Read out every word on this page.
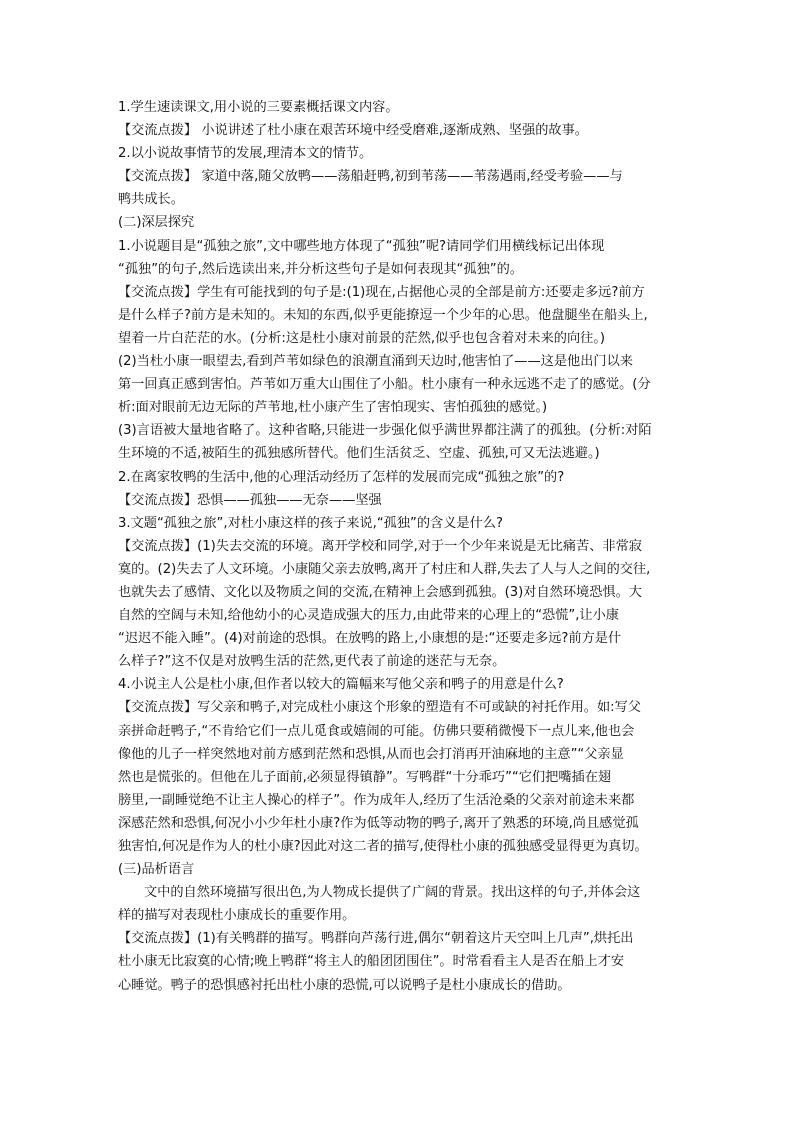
1.学生速读课文,用小说的三要素概括课文内容。
【交流点拨】 小说讲述了杜小康在艰苦环境中经受磨难,逐渐成熟、坚强的故事。
2.以小说故事情节的发展,理清本文的情节。
【交流点拨】 家道中落,随父放鸭——荡船赶鸭,初到苇荡——苇荡遇雨,经受考验——与
鸭共成长。
(二)深层探究
1.小说题目是“孤独之旅”,文中哪些地方体现了“孤独”呢?请同学们用横线标记出体现
“孤独”的句子,然后选读出来,并分析这些句子是如何表现其“孤独”的。
【交流点拨】学生有可能找到的句子是:(1)现在,占据他心灵的全部是前方:还要走多远?前方
是什么样子?前方是未知的。未知的东西,似乎更能撩逗一个少年的心思。他盘腿坐在船头上,
望着一片白茫茫的水。(分析:这是杜小康对前景的茫然,似乎也包含着对未来的向往。)
(2)当杜小康一眼望去,看到芦苇如绿色的浪潮直涌到天边时,他害怕了——这是他出门以来
第一回真正感到害怕。芦苇如万重大山围住了小船。杜小康有一种永远逃不走了的感觉。(分
析:面对眼前无边无际的芦苇地,杜小康产生了害怕现实、害怕孤独的感觉。)
(3)言语被大量地省略了。这种省略,只能进一步强化似乎满世界都注满了的孤独。(分析:对陌
生环境的不适,被陌生的孤独感所替代。他们生活贫乏、空虚、孤独,可又无法逃避。)
2.在离家牧鸭的生活中,他的心理活动经历了怎样的发展而完成“孤独之旅”的?
【交流点拨】恐惧——孤独——无奈——坚强
3.文题“孤独之旅”,对杜小康这样的孩子来说,“孤独”的含义是什么?
【交流点拨】(1)失去交流的环境。离开学校和同学,对于一个少年来说是无比痛苦、非常寂
寞的。(2)失去了人文环境。小康随父亲去放鸭,离开了村庄和人群,失去了人与人之间的交往,
也就失去了感情、文化以及物质之间的交流,在精神上会感到孤独。(3)对自然环境恐惧。大
自然的空阔与未知,给他幼小的心灵造成强大的压力,由此带来的心理上的“恐慌”,让小康
“迟迟不能入睡”。(4)对前途的恐惧。在放鸭的路上,小康想的是:“还要走多远?前方是什
么样子?”这不仅是对放鸭生活的茫然,更代表了前途的迷茫与无奈。
4.小说主人公是杜小康,但作者以较大的篇幅来写他父亲和鸭子的用意是什么?
【交流点拨】写父亲和鸭子,对完成杜小康这个形象的塑造有不可或缺的衬托作用。如:写父
亲拼命赶鸭子,“不肯给它们一点儿觅食或嬉闹的可能。仿佛只要稍微慢下一点儿来,他也会
像他的儿子一样突然地对前方感到茫然和恐惧,从而也会打消再开油麻地的主意”“父亲显
然也是慌张的。但他在儿子面前,必须显得镇静”。写鸭群“十分乖巧”“它们把嘴插在翅
膀里,一副睡觉绝不让主人操心的样子”。作为成年人,经历了生活沧桑的父亲对前途未来都
深感茫然和恐惧,何况小小少年杜小康?作为低等动物的鸭子,离开了熟悉的环境,尚且感觉孤
独害怕,何况是作为人的杜小康?因此对这二者的描写,使得杜小康的孤独感受显得更为真切。
(三)品析语言
文中的自然环境描写很出色,为人物成长提供了广阔的背景。找出这样的句子,并体会这
样的描写对表现杜小康成长的重要作用。
【交流点拨】(1)有关鸭群的描写。鸭群向芦荡行进,偶尔“朝着这片天空叫上几声”,烘托出
杜小康无比寂寞的心情;晚上鸭群“将主人的船团团围住”。时常看看主人是否在船上才安
心睡觉。鸭子的恐惧感衬托出杜小康的恐慌,可以说鸭子是杜小康成长的借助。
